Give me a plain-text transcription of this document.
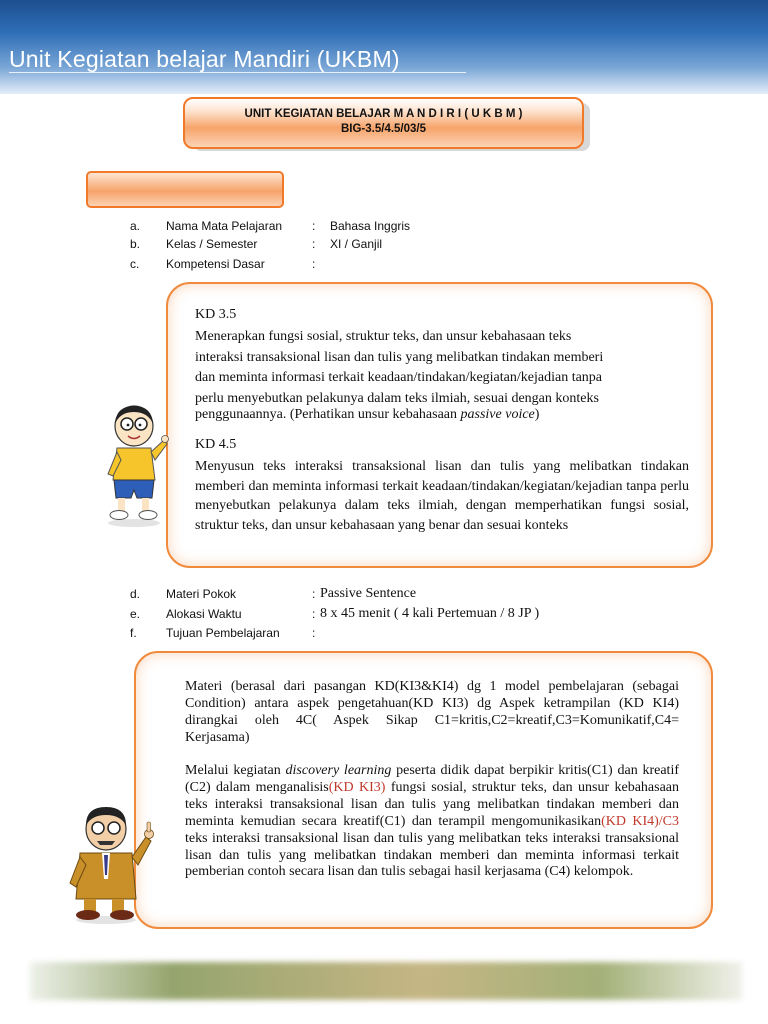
Unit Kegiatan belajar Mandiri (UKBM)
UNIT KEGIATAN BELAJAR M A N D I R I ( U K B M )
BIG-3.5/4.5/03/5
a. Nama Mata Pelajaran : Bahasa Inggris
b. Kelas / Semester	: XI / Ganjil
c. Kompetensi Dasar	:
KD 3.5
Menerapkan fungsi sosial, struktur teks, dan unsur kebahasaan teks
interaksi transaksional lisan dan tulis yang melibatkan tindakan memberi
dan meminta informasi terkait keadaan/tindakan/kegiatan/kejadian tanpa
perlu menyebutkan pelakunya dalam teks ilmiah, sesuai dengan konteks
penggunaannya. (Perhatikan unsur kebahasaan passive voice)
KD 4.5
Menyusun teks interaksi transaksional lisan dan tulis yang melibatkan tindakan memberi dan meminta informasi terkait keadaan/tindakan/kegiatan/kejadian tanpa perlu menyebutkan pelakunya dalam teks ilmiah, dengan memperhatikan fungsi sosial, struktur teks, dan unsur kebahasaan yang benar dan sesuai konteks
d. Materi Pokok	: Passive Sentence
e. Alokasi Waktu	: 8 x 45 menit ( 4 kali Pertemuan / 8 JP )
f. Tujuan Pembelajaran	:
Materi (berasal dari pasangan KD(KI3&KI4) dg 1 model pembelajaran (sebagai Condition) antara aspek pengetahuan(KD KI3) dg Aspek ketrampilan (KD KI4) dirangkai oleh 4C( Aspek Sikap C1=kritis,C2=kreatif,C3=Komunikatif,C4= Kerjasama)
Melalui kegiatan discovery learning peserta didik dapat berpikir kritis(C1) dan kreatif (C2) dalam menganalisis(KD KI3) fungsi sosial, struktur teks, dan unsur kebahasaan teks interaksi transaksional lisan dan tulis yang melibatkan tindakan memberi dan meminta kemudian secara kreatif(C1) dan terampil mengomunikasikan(KD KI4)/C3 teks interaksi transaksional lisan dan tulis yang melibatkan teks interaksi transaksional lisan dan tulis yang melibatkan tindakan memberi dan meminta informasi terkait pemberian contoh secara lisan dan tulis sebagai hasil kerjasama (C4) kelompok.
